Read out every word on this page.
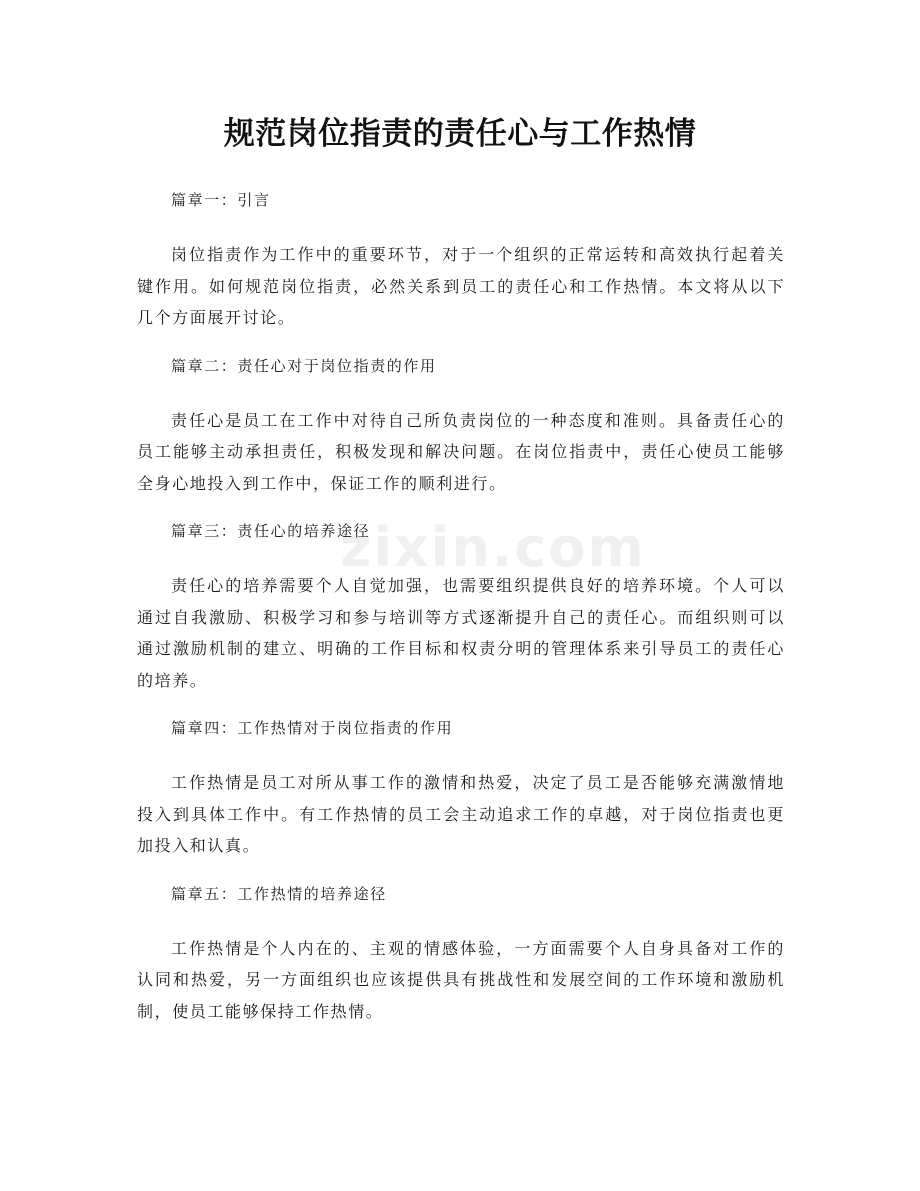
规范岗位指责的责任心与工作热情
zixin.com

篇章一：引言

岗位指责作为工作中的重要环节，对于一个组织的正常运转和高效执行起着关键作用。如何规范岗位指责，必然关系到员工的责任心和工作热情。本文将从以下几个方面展开讨论。

篇章二：责任心对于岗位指责的作用

责任心是员工在工作中对待自己所负责岗位的一种态度和准则。具备责任心的员工能够主动承担责任，积极发现和解决问题。在岗位指责中，责任心使员工能够全身心地投入到工作中，保证工作的顺利进行。

篇章三：责任心的培养途径

责任心的培养需要个人自觉加强，也需要组织提供良好的培养环境。个人可以通过自我激励、积极学习和参与培训等方式逐渐提升自己的责任心。而组织则可以通过激励机制的建立、明确的工作目标和权责分明的管理体系来引导员工的责任心的培养。

篇章四：工作热情对于岗位指责的作用

工作热情是员工对所从事工作的激情和热爱，决定了员工是否能够充满激情地投入到具体工作中。有工作热情的员工会主动追求工作的卓越，对于岗位指责也更加投入和认真。

篇章五：工作热情的培养途径

工作热情是个人内在的、主观的情感体验，一方面需要个人自身具备对工作的认同和热爱，另一方面组织也应该提供具有挑战性和发展空间的工作环境和激励机制，使员工能够保持工作热情。
